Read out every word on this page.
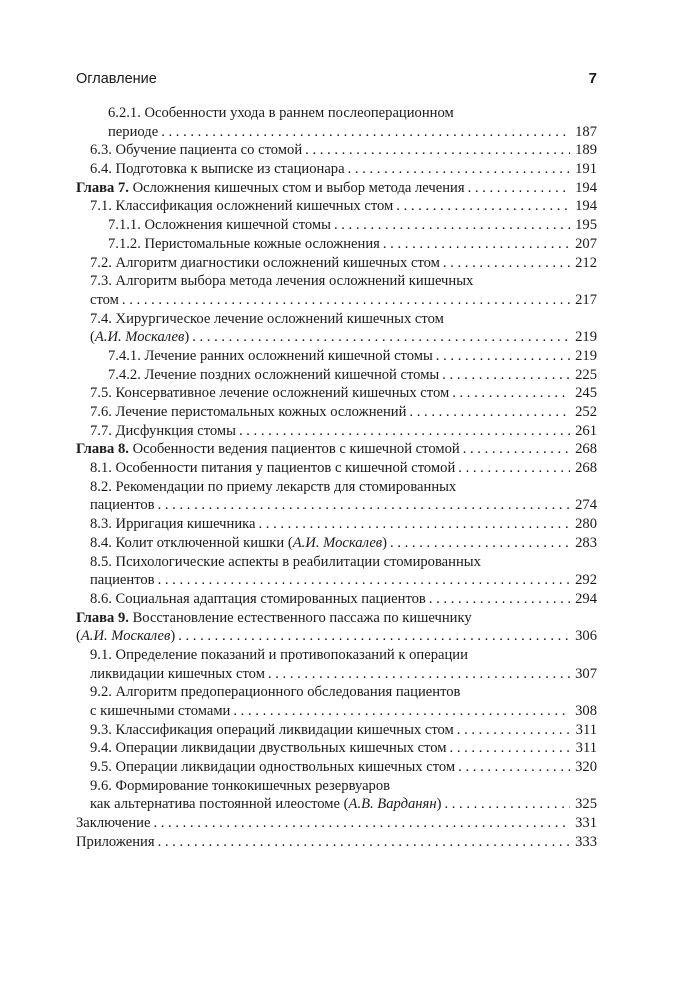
Оглавление	7
6.2.1. Особенности ухода в раннем послеоперационном
периоде . . .	187
6.3. Обучение пациента со стомой . . .	189
6.4. Подготовка к выписке из стационара . . .	191
Глава 7. Осложнения кишечных стом и выбор метода лечения . . .	194
7.1. Классификация осложнений кишечных стом . . .	194
7.1.1. Осложнения кишечной стомы . . .	195
7.1.2. Перистомальные кожные осложнения . . .	207
7.2. Алгоритм диагностики осложнений кишечных стом . . .	212
7.3. Алгоритм выбора метода лечения осложнений кишечных
стом . . .	217
7.4. Хирургическое лечение осложнений кишечных стом
(А.И. Москалев) . . .	219
7.4.1. Лечение ранних осложнений кишечной стомы . . .	219
7.4.2. Лечение поздних осложнений кишечной стомы . . .	225
7.5. Консервативное лечение осложнений кишечных стом . . .	245
7.6. Лечение перистомальных кожных осложнений . . .	252
7.7. Дисфункция стомы . . .	261
Глава 8. Особенности ведения пациентов с кишечной стомой . . .	268
8.1. Особенности питания у пациентов с кишечной стомой . . .	268
8.2. Рекомендации по приему лекарств для стомированных
пациентов . . .	274
8.3. Ирригация кишечника . . .	280
8.4. Колит отключенной кишки (А.И. Москалев) . . .	283
8.5. Психологические аспекты в реабилитации стомированных
пациентов . . .	292
8.6. Социальная адаптация стомированных пациентов . . .	294
Глава 9. Восстановление естественного пассажа по кишечнику
(А.И. Москалев) . . .	306
9.1. Определение показаний и противопоказаний к операции
ликвидации кишечных стом . . .	307
9.2. Алгоритм предоперационного обследования пациентов
с кишечными стомами . . .	308
9.3. Классификация операций ликвидации кишечных стом . . .	311
9.4. Операции ликвидации двуствольных кишечных стом . . .	311
9.5. Операции ликвидации одноствольных кишечных стом . . .	320
9.6. Формирование тонкокишечных резервуаров
как альтернатива постоянной илеостоме (А.В. Варданян) . . .	325
Заключение . . .	331
Приложения . . .	333
